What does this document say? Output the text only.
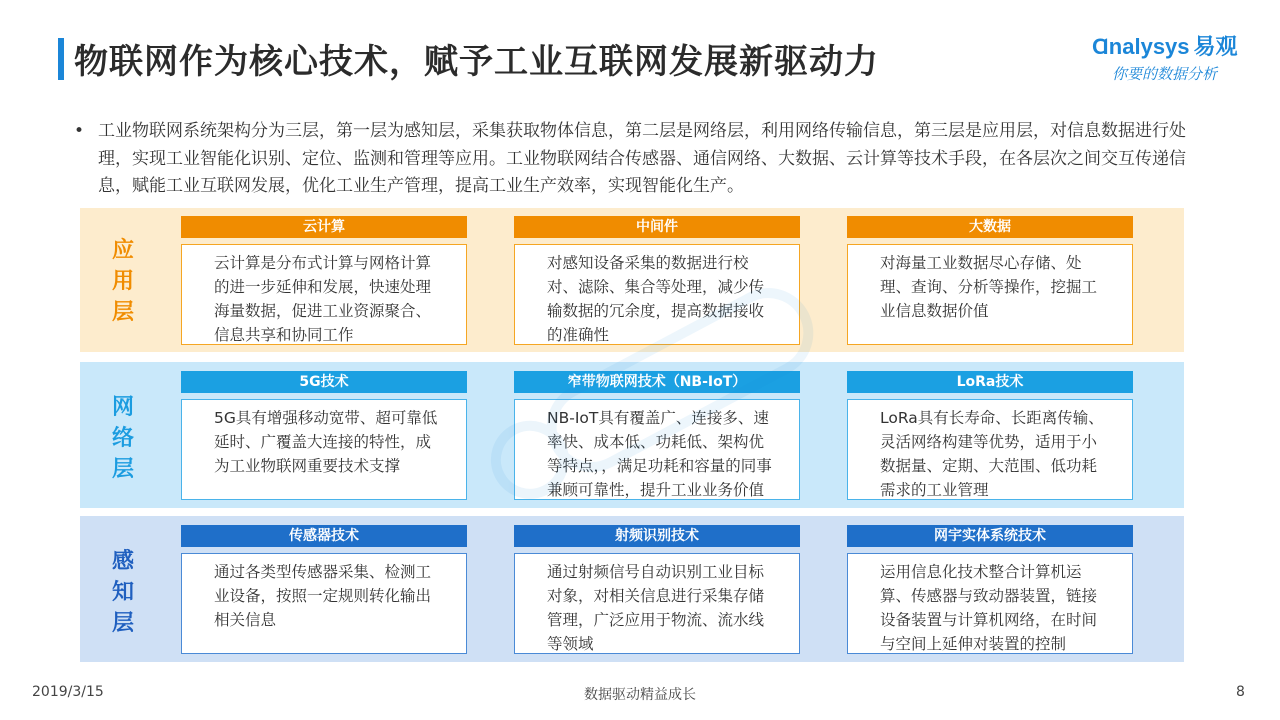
物联网作为核心技术，赋予工业互联网发展新驱动力	Ɑnalysys 易观
你要的数据分析
• 工业物联网系统架构分为三层，第一层为感知层，采集获取物体信息，第二层是网络层，利用网络传输信息，第三层是应用层，对信息数据进行处理，实现工业智能化识别、定位、监测和管理等应用。工业物联网结合传感器、通信网络、大数据、云计算等技术手段，在各层次之间交互传递信息，赋能工业互联网发展，优化工业生产管理，提高工业生产效率，实现智能化生产。
应
用
层
云计算
云计算是分布式计算与网格计算的进一步延伸和发展，快速处理海量数据，促进工业资源聚合、信息共享和协同工作
中间件
对感知设备采集的数据进行校对、滤除、集合等处理，减少传输数据的冗余度，提高数据接收的准确性
大数据
对海量工业数据尽心存储、处理、查询、分析等操作，挖掘工业信息数据价值
网
络
层
5G技术
5G具有增强移动宽带、超可靠低延时、广覆盖大连接的特性，成为工业物联网重要技术支撑
窄带物联网技术（NB-IoT）
NB-IoT具有覆盖广、连接多、速率快、成本低、功耗低、架构优等特点，，满足功耗和容量的同事兼顾可靠性，提升工业业务价值
LoRa技术
LoRa具有长寿命、长距离传输、灵活网络构建等优势，适用于小数据量、定期、大范围、低功耗需求的工业管理
感
知
层
传感器技术
通过各类型传感器采集、检测工业设备，按照一定规则转化输出相关信息
射频识别技术
通过射频信号自动识别工业目标对象，对相关信息进行采集存储管理，广泛应用于物流、流水线等领域
网宇实体系统技术
运用信息化技术整合计算机运算、传感器与致动器装置，链接设备装置与计算机网络，在时间与空间上延伸对装置的控制
2019/3/15	数据驱动精益成长	8
